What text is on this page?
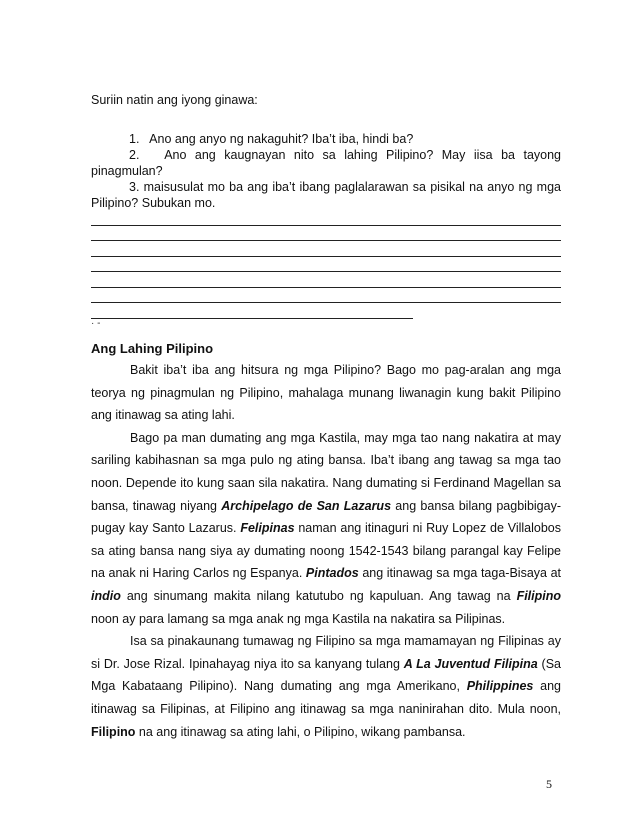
Suriin natin ang iyong ginawa:
1. Ano ang anyo ng nakaguhit? Iba’t iba, hindi ba?
2. Ano ang kaugnayan nito sa lahing Pilipino? May iisa ba tayong pinagmulan?
3. maisusulat mo ba ang iba’t ibang paglalarawan sa pisikal na anyo ng mga Pilipino? Subukan mo.
· -
Ang Lahing Pilipino

Bakit iba’t iba ang hitsura ng mga Pilipino? Bago mo pag-aralan ang mga teorya ng pinagmulan ng Pilipino, mahalaga munang liwanagin kung bakit Pilipino ang itinawag sa ating lahi.

Bago pa man dumating ang mga Kastila, may mga tao nang nakatira at may sariling kabihasnan sa mga pulo ng ating bansa. Iba’t ibang ang tawag sa mga tao noon. Depende ito kung saan sila nakatira. Nang dumating si Ferdinand Magellan sa bansa, tinawag niyang Archipelago de San Lazarus ang bansa bilang pagbibigay-pugay kay Santo Lazarus. Felipinas naman ang itinaguri ni Ruy Lopez de Villalobos sa ating bansa nang siya ay dumating noong 1542-1543 bilang parangal kay Felipe na anak ni Haring Carlos ng Espanya. Pintados ang itinawag sa mga taga-Bisaya at indio ang sinumang makita nilang katutubo ng kapuluan. Ang tawag na Filipino noon ay para lamang sa mga anak ng mga Kastila na nakatira sa Pilipinas.

Isa sa pinakaunang tumawag ng Filipino sa mga mamamayan ng Filipinas ay si Dr. Jose Rizal. Ipinahayag niya ito sa kanyang tulang A La Juventud Filipina (Sa Mga Kabataang Pilipino). Nang dumating ang mga Amerikano, Philippines ang itinawag sa Filipinas, at Filipino ang itinawag sa mga naninirahan dito. Mula noon, Filipino na ang itinawag sa ating lahi, o Pilipino, wikang pambansa.

5
